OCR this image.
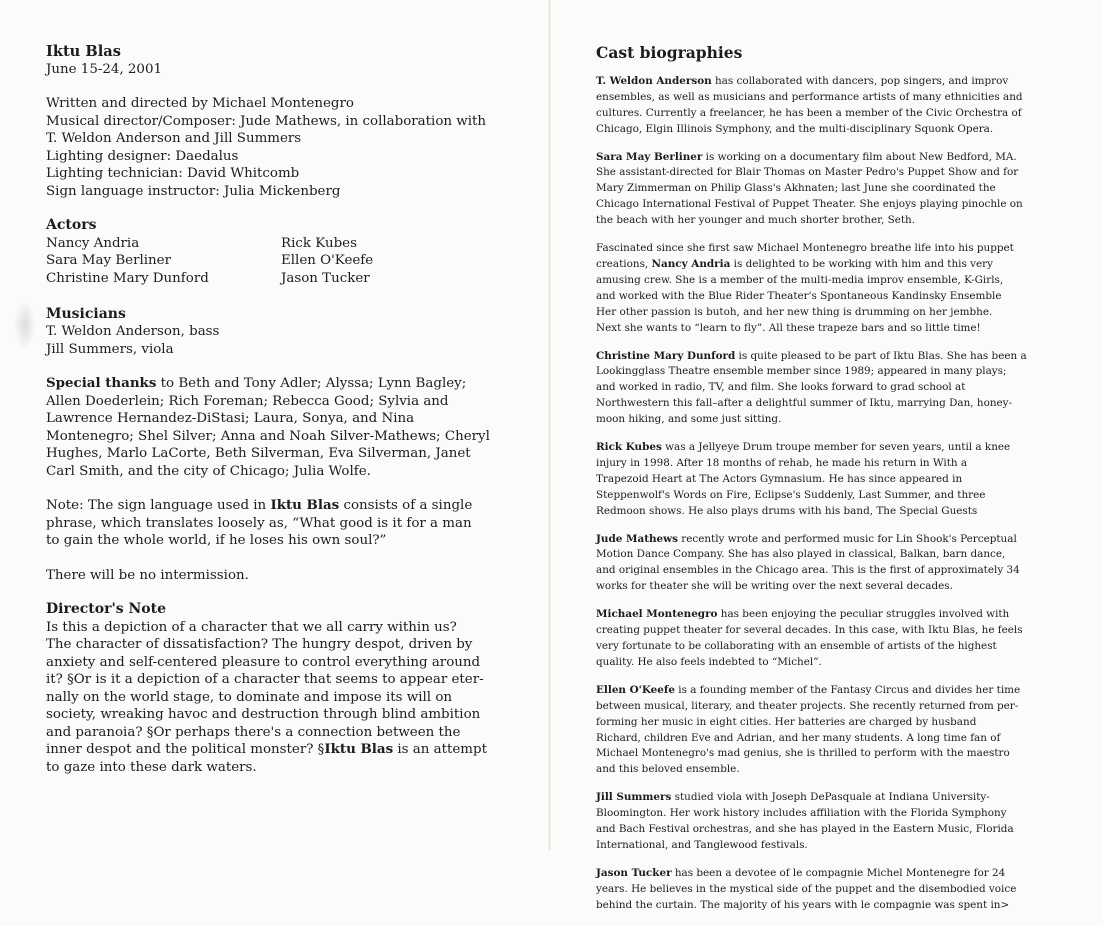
Iktu Blas
June 15-24, 2001
Written and directed by Michael Montenegro
Musical director/Composer: Jude Mathews, in collaboration with
T. Weldon Anderson and Jill Summers
Lighting designer: Daedalus
Lighting technician: David Whitcomb
Sign language instructor: Julia Mickenberg
Actors
Nancy Andria
Sara May Berliner
Christine Mary Dunford
Rick Kubes
Ellen O'Keefe
Jason Tucker
Musicians
T. Weldon Anderson, bass
Jill Summers, viola
Special thanks to Beth and Tony Adler; Alyssa; Lynn Bagley;
Allen Doederlein; Rich Foreman; Rebecca Good; Sylvia and
Lawrence Hernandez-DiStasi; Laura, Sonya, and Nina
Montenegro; Shel Silver; Anna and Noah Silver-Mathews; Cheryl
Hughes, Marlo LaCorte, Beth Silverman, Eva Silverman, Janet
Carl Smith, and the city of Chicago; Julia Wolfe.
Note: The sign language used in Iktu Blas consists of a single
phrase, which translates loosely as, “What good is it for a man
to gain the whole world, if he loses his own soul?”
There will be no intermission.
Director's Note
Is this a depiction of a character that we all carry within us?
The character of dissatisfaction? The hungry despot, driven by
anxiety and self-centered pleasure to control everything around
it? §Or is it a depiction of a character that seems to appear eter-
nally on the world stage, to dominate and impose its will on
society, wreaking havoc and destruction through blind ambition
and paranoia? §Or perhaps there's a connection between the
inner despot and the political monster? §Iktu Blas is an attempt
to gaze into these dark waters.
Cast biographies
T. Weldon Anderson has collaborated with dancers, pop singers, and improv
ensembles, as well as musicians and performance artists of many ethnicities and
cultures. Currently a freelancer, he has been a member of the Civic Orchestra of
Chicago, Elgin Illinois Symphony, and the multi-disciplinary Squonk Opera.
Sara May Berliner is working on a documentary film about New Bedford, MA.
She assistant-directed for Blair Thomas on Master Pedro's Puppet Show and for
Mary Zimmerman on Philip Glass's Akhnaten; last June she coordinated the
Chicago International Festival of Puppet Theater. She enjoys playing pinochle on
the beach with her younger and much shorter brother, Seth.
Fascinated since she first saw Michael Montenegro breathe life into his puppet
creations, Nancy Andria is delighted to be working with him and this very
amusing crew. She is a member of the multi-media improv ensemble, K-Girls,
and worked with the Blue Rider Theater's Spontaneous Kandinsky Ensemble
Her other passion is butoh, and her new thing is drumming on her jembhe.
Next she wants to “learn to fly”. All these trapeze bars and so little time!
Christine Mary Dunford is quite pleased to be part of Iktu Blas. She has been a
Lookingglass Theatre ensemble member since 1989; appeared in many plays;
and worked in radio, TV, and film. She looks forward to grad school at
Northwestern this fall–after a delightful summer of Iktu, marrying Dan, honey-
moon hiking, and some just sitting.
Rick Kubes was a Jellyeye Drum troupe member for seven years, until a knee
injury in 1998. After 18 months of rehab, he made his return in With a
Trapezoid Heart at The Actors Gymnasium. He has since appeared in
Steppenwolf's Words on Fire, Eclipse's Suddenly, Last Summer, and three
Redmoon shows. He also plays drums with his band, The Special Guests
Jude Mathews recently wrote and performed music for Lin Shook's Perceptual
Motion Dance Company. She has also played in classical, Balkan, barn dance,
and original ensembles in the Chicago area. This is the first of approximately 34
works for theater she will be writing over the next several decades.
Michael Montenegro has been enjoying the peculiar struggles involved with
creating puppet theater for several decades. In this case, with Iktu Blas, he feels
very fortunate to be collaborating with an ensemble of artists of the highest
quality. He also feels indebted to “Michel”.
Ellen O'Keefe is a founding member of the Fantasy Circus and divides her time
between musical, literary, and theater projects. She recently returned from per-
forming her music in eight cities. Her batteries are charged by husband
Richard, children Eve and Adrian, and her many students. A long time fan of
Michael Montenegro's mad genius, she is thrilled to perform with the maestro
and this beloved ensemble.
Jill Summers studied viola with Joseph DePasquale at Indiana University-
Bloomington. Her work history includes affiliation with the Florida Symphony
and Bach Festival orchestras, and she has played in the Eastern Music, Florida
International, and Tanglewood festivals.
Jason Tucker has been a devotee of le compagnie Michel Montenegre for 24
years. He believes in the mystical side of the puppet and the disembodied voice
behind the curtain. The majority of his years with le compagnie was spent in>
